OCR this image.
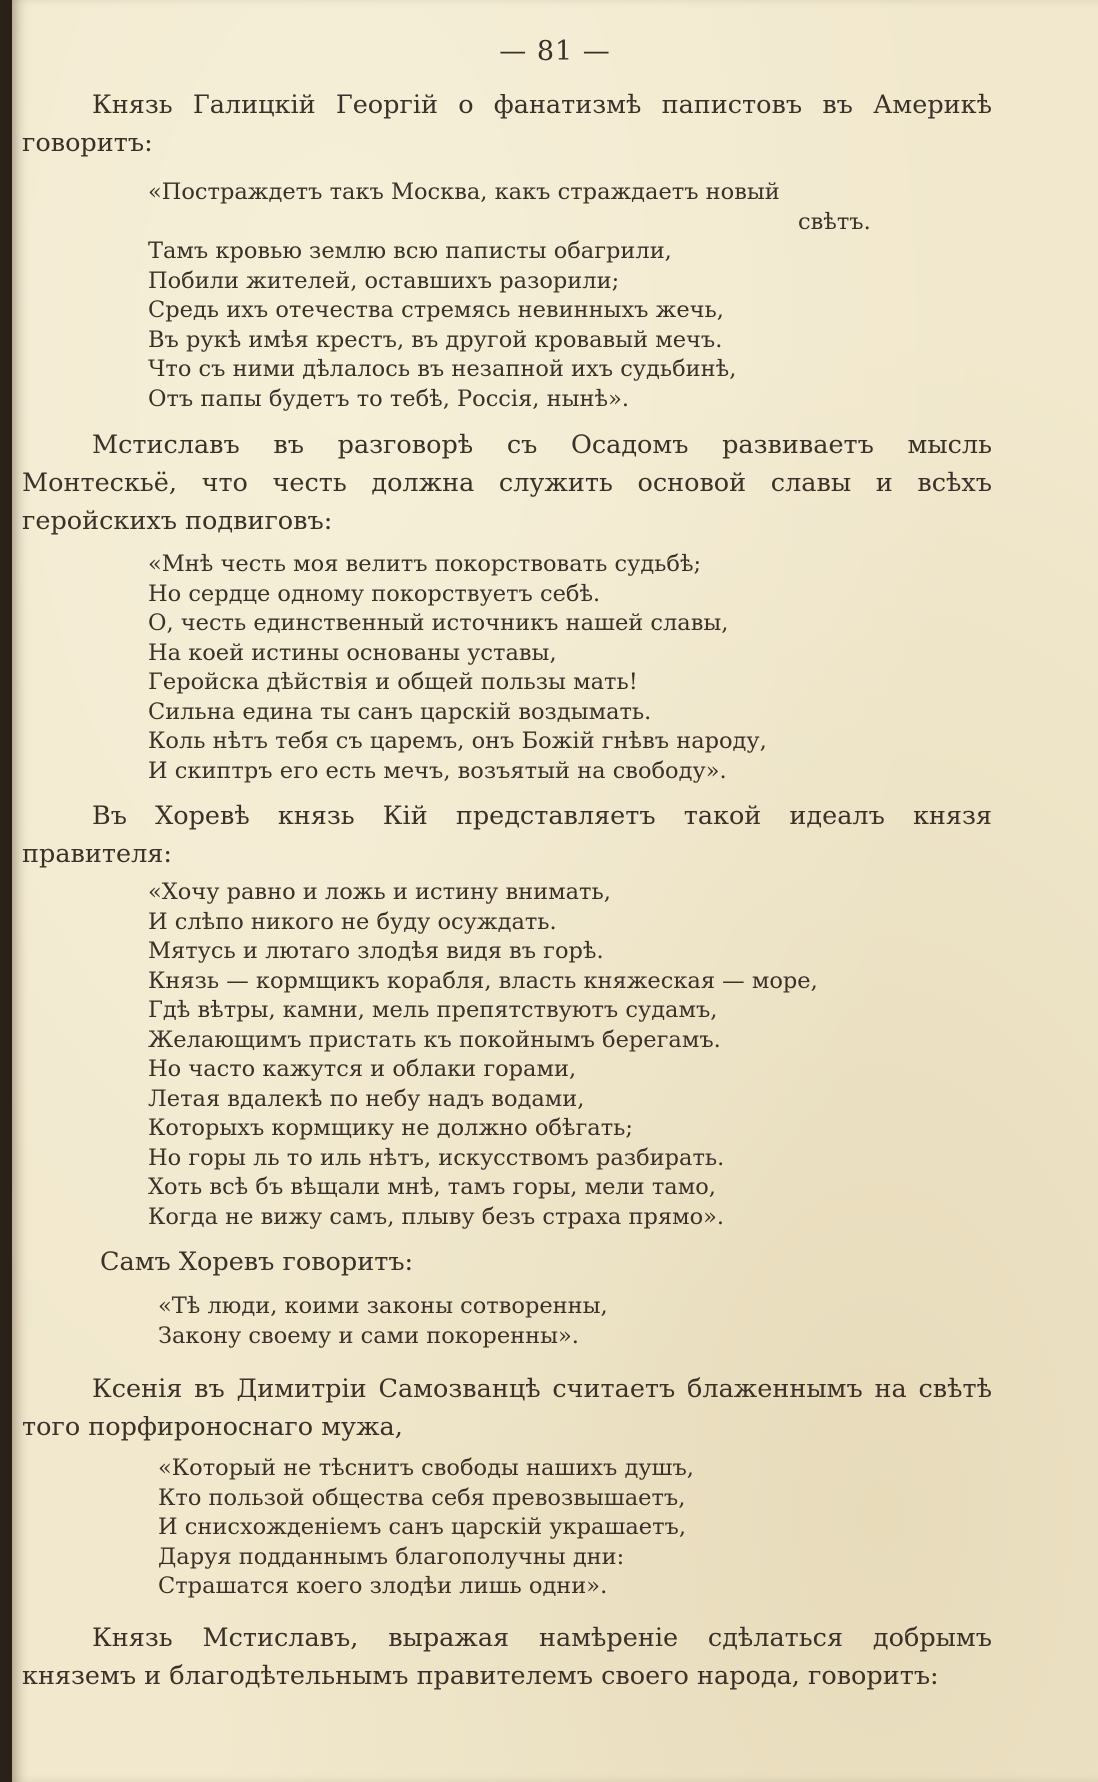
— 81 —

Князь Галицкій Георгій о фанатизмѣ папистовъ въ Америкѣ говоритъ:

«Постраждетъ такъ Москва, какъ страждаетъ новый
свѣтъ.
Тамъ кровью землю всю паписты обагрили,
Побили жителей, оставшихъ разорили;
Средь ихъ отечества стремясь невинныхъ жечь,
Въ рукѣ имѣя крестъ, въ другой кровавый мечъ.
Что съ ними дѣлалось въ незапной ихъ судьбинѣ,
Отъ папы будетъ то тебѣ, Россія, нынѣ».

Мстиславъ въ разговорѣ съ Осадомъ развиваетъ мысль Монтескьё, что честь должна служить основой славы и всѣхъ геройскихъ подвиговъ:

«Мнѣ честь моя велитъ покорствовать судьбѣ;
Но сердце одному покорствуетъ себѣ.
О, честь единственный источникъ нашей славы,
На коей истины основаны уставы,
Геройска дѣйствія и общей пользы мать!
Сильна едина ты санъ царскій воздымать.
Коль нѣтъ тебя съ царемъ, онъ Божій гнѣвъ народу,
И скиптръ его есть мечъ, возъятый на свободу».

Въ Хоревѣ князь Кій представляетъ такой идеалъ князя правителя:

«Хочу равно и ложь и истину внимать,
И слѣпо никого не буду осуждать.
Мятусь и лютаго злодѣя видя въ горѣ.
Князь — кормщикъ корабля, власть княжеская — море,
Гдѣ вѣтры, камни, мель препятствуютъ судамъ,
Желающимъ пристать къ покойнымъ берегамъ.
Но часто кажутся и облаки горами,
Летая вдалекѣ по небу надъ водами,
Которыхъ кормщику не должно обѣгать;
Но горы ль то иль нѣтъ, искусствомъ разбирать.
Хоть всѣ бъ вѣщали мнѣ, тамъ горы, мели тамо,
Когда не вижу самъ, плыву безъ страха прямо».

Самъ Хоревъ говоритъ:

«Тѣ люди, коими законы сотворенны,
Закону своему и сами покоренны».

Ксенія въ Димитріи Самозванцѣ считаетъ блаженнымъ на свѣтѣ того порфироноснаго мужа,

«Который не тѣснитъ свободы нашихъ душъ,
Кто пользой общества себя превозвышаетъ,
И снисхожденіемъ санъ царскій украшаетъ,
Даруя подданнымъ благополучны дни:
Страшатся коего злодѣи лишь одни».

Князь Мстиславъ, выражая намѣреніе сдѣлаться добрымъ княземъ и благодѣтельнымъ правителемъ своего народа, говоритъ:
